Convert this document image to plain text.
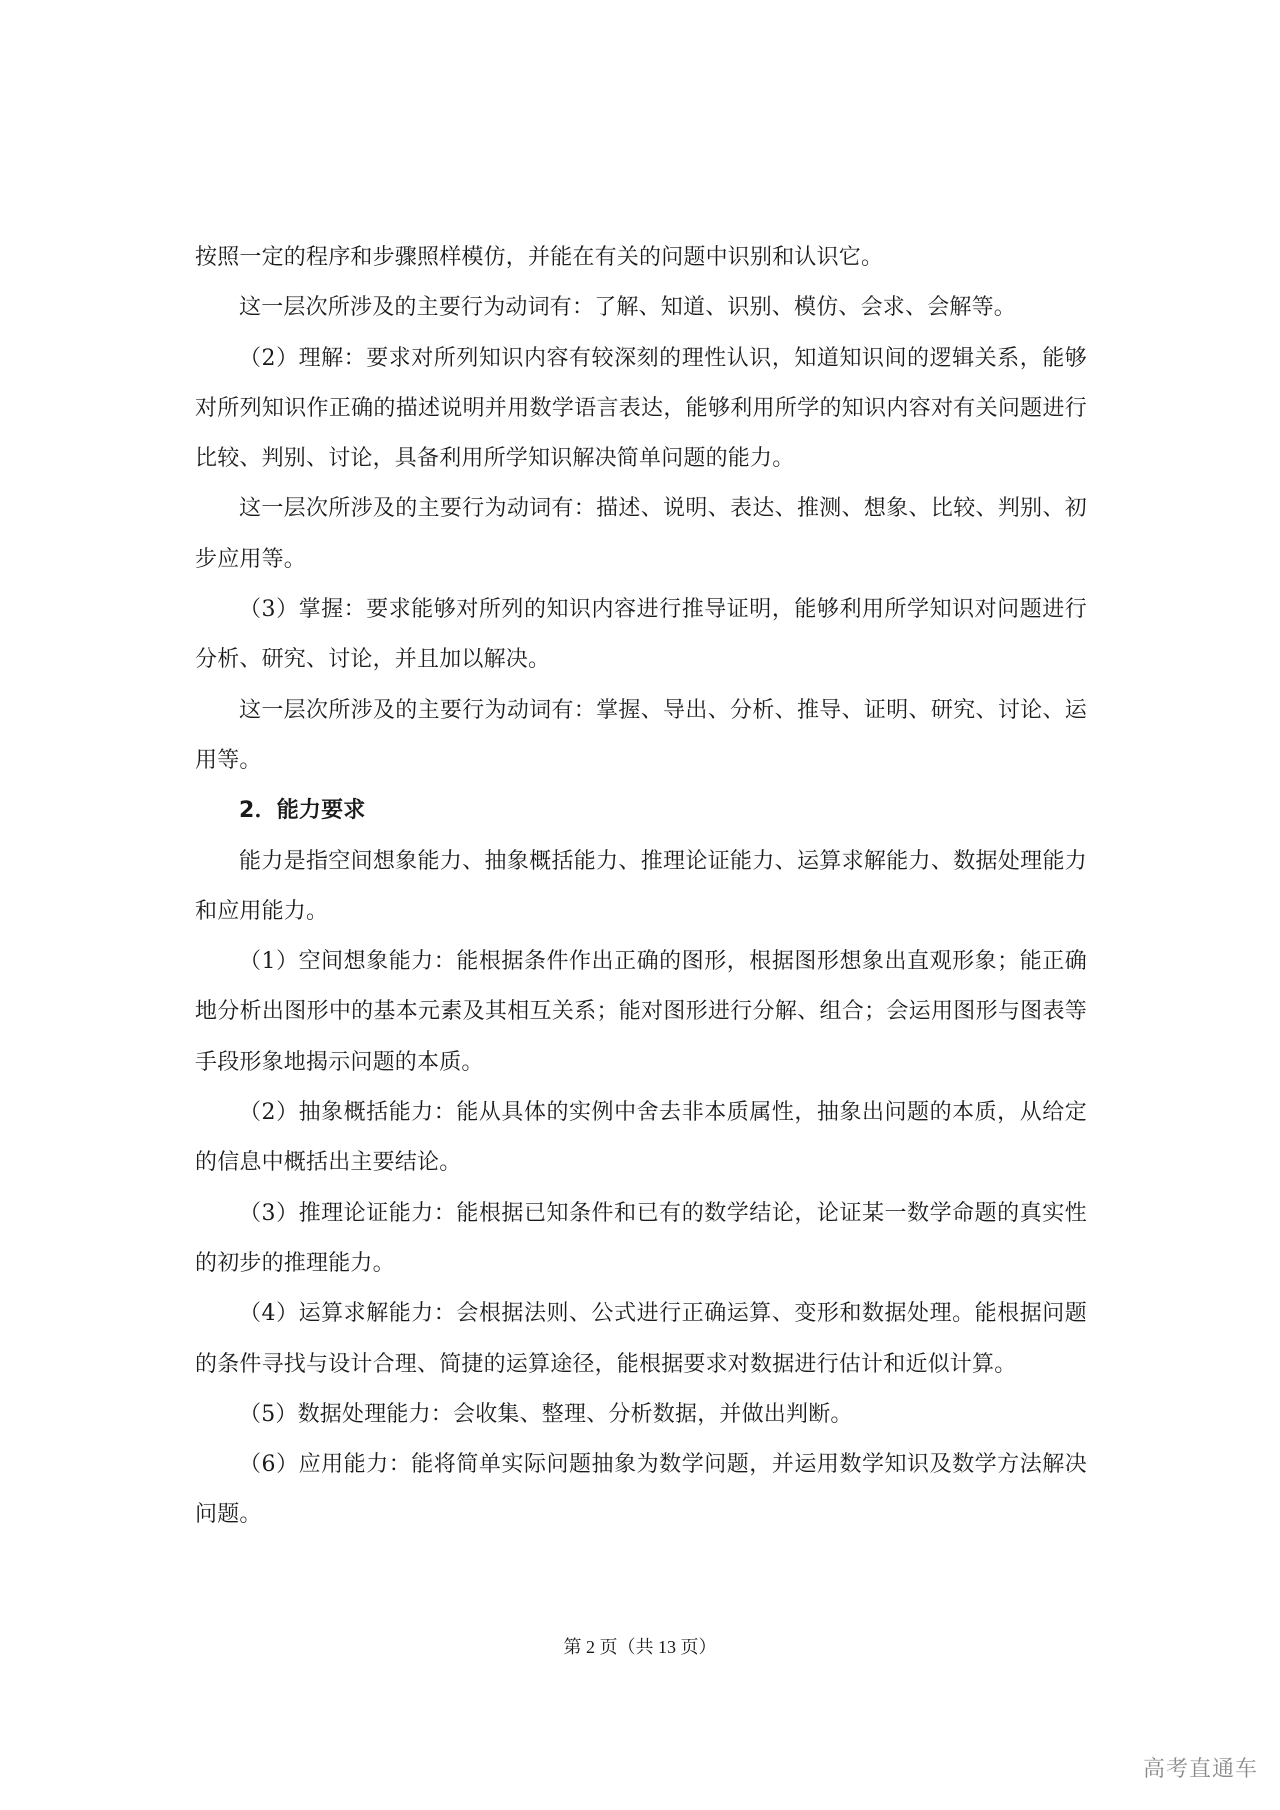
按照一定的程序和步骤照样模仿，并能在有关的问题中识别和认识它。
这一层次所涉及的主要行为动词有：了解、知道、识别、模仿、会求、会解等。
（2）理解：要求对所列知识内容有较深刻的理性认识，知道知识间的逻辑关系，能够
对所列知识作正确的描述说明并用数学语言表达，能够利用所学的知识内容对有关问题进行
比较、判别、讨论，具备利用所学知识解决简单问题的能力。
这一层次所涉及的主要行为动词有：描述、说明、表达、推测、想象、比较、判别、初
步应用等。
（3）掌握：要求能够对所列的知识内容进行推导证明，能够利用所学知识对问题进行
分析、研究、讨论，并且加以解决。
这一层次所涉及的主要行为动词有：掌握、导出、分析、推导、证明、研究、讨论、运
用等。
2．能力要求
能力是指空间想象能力、抽象概括能力、推理论证能力、运算求解能力、数据处理能力
和应用能力。
（1）空间想象能力：能根据条件作出正确的图形，根据图形想象出直观形象；能正确
地分析出图形中的基本元素及其相互关系；能对图形进行分解、组合；会运用图形与图表等
手段形象地揭示问题的本质。
（2）抽象概括能力：能从具体的实例中舍去非本质属性，抽象出问题的本质，从给定
的信息中概括出主要结论。
（3）推理论证能力：能根据已知条件和已有的数学结论，论证某一数学命题的真实性
的初步的推理能力。
（4）运算求解能力：会根据法则、公式进行正确运算、变形和数据处理。能根据问题
的条件寻找与设计合理、简捷的运算途径，能根据要求对数据进行估计和近似计算。
（5）数据处理能力：会收集、整理、分析数据，并做出判断。
（6）应用能力：能将简单实际问题抽象为数学问题，并运用数学知识及数学方法解决
问题。
第 2 页（共 13 页）
高考直通车
